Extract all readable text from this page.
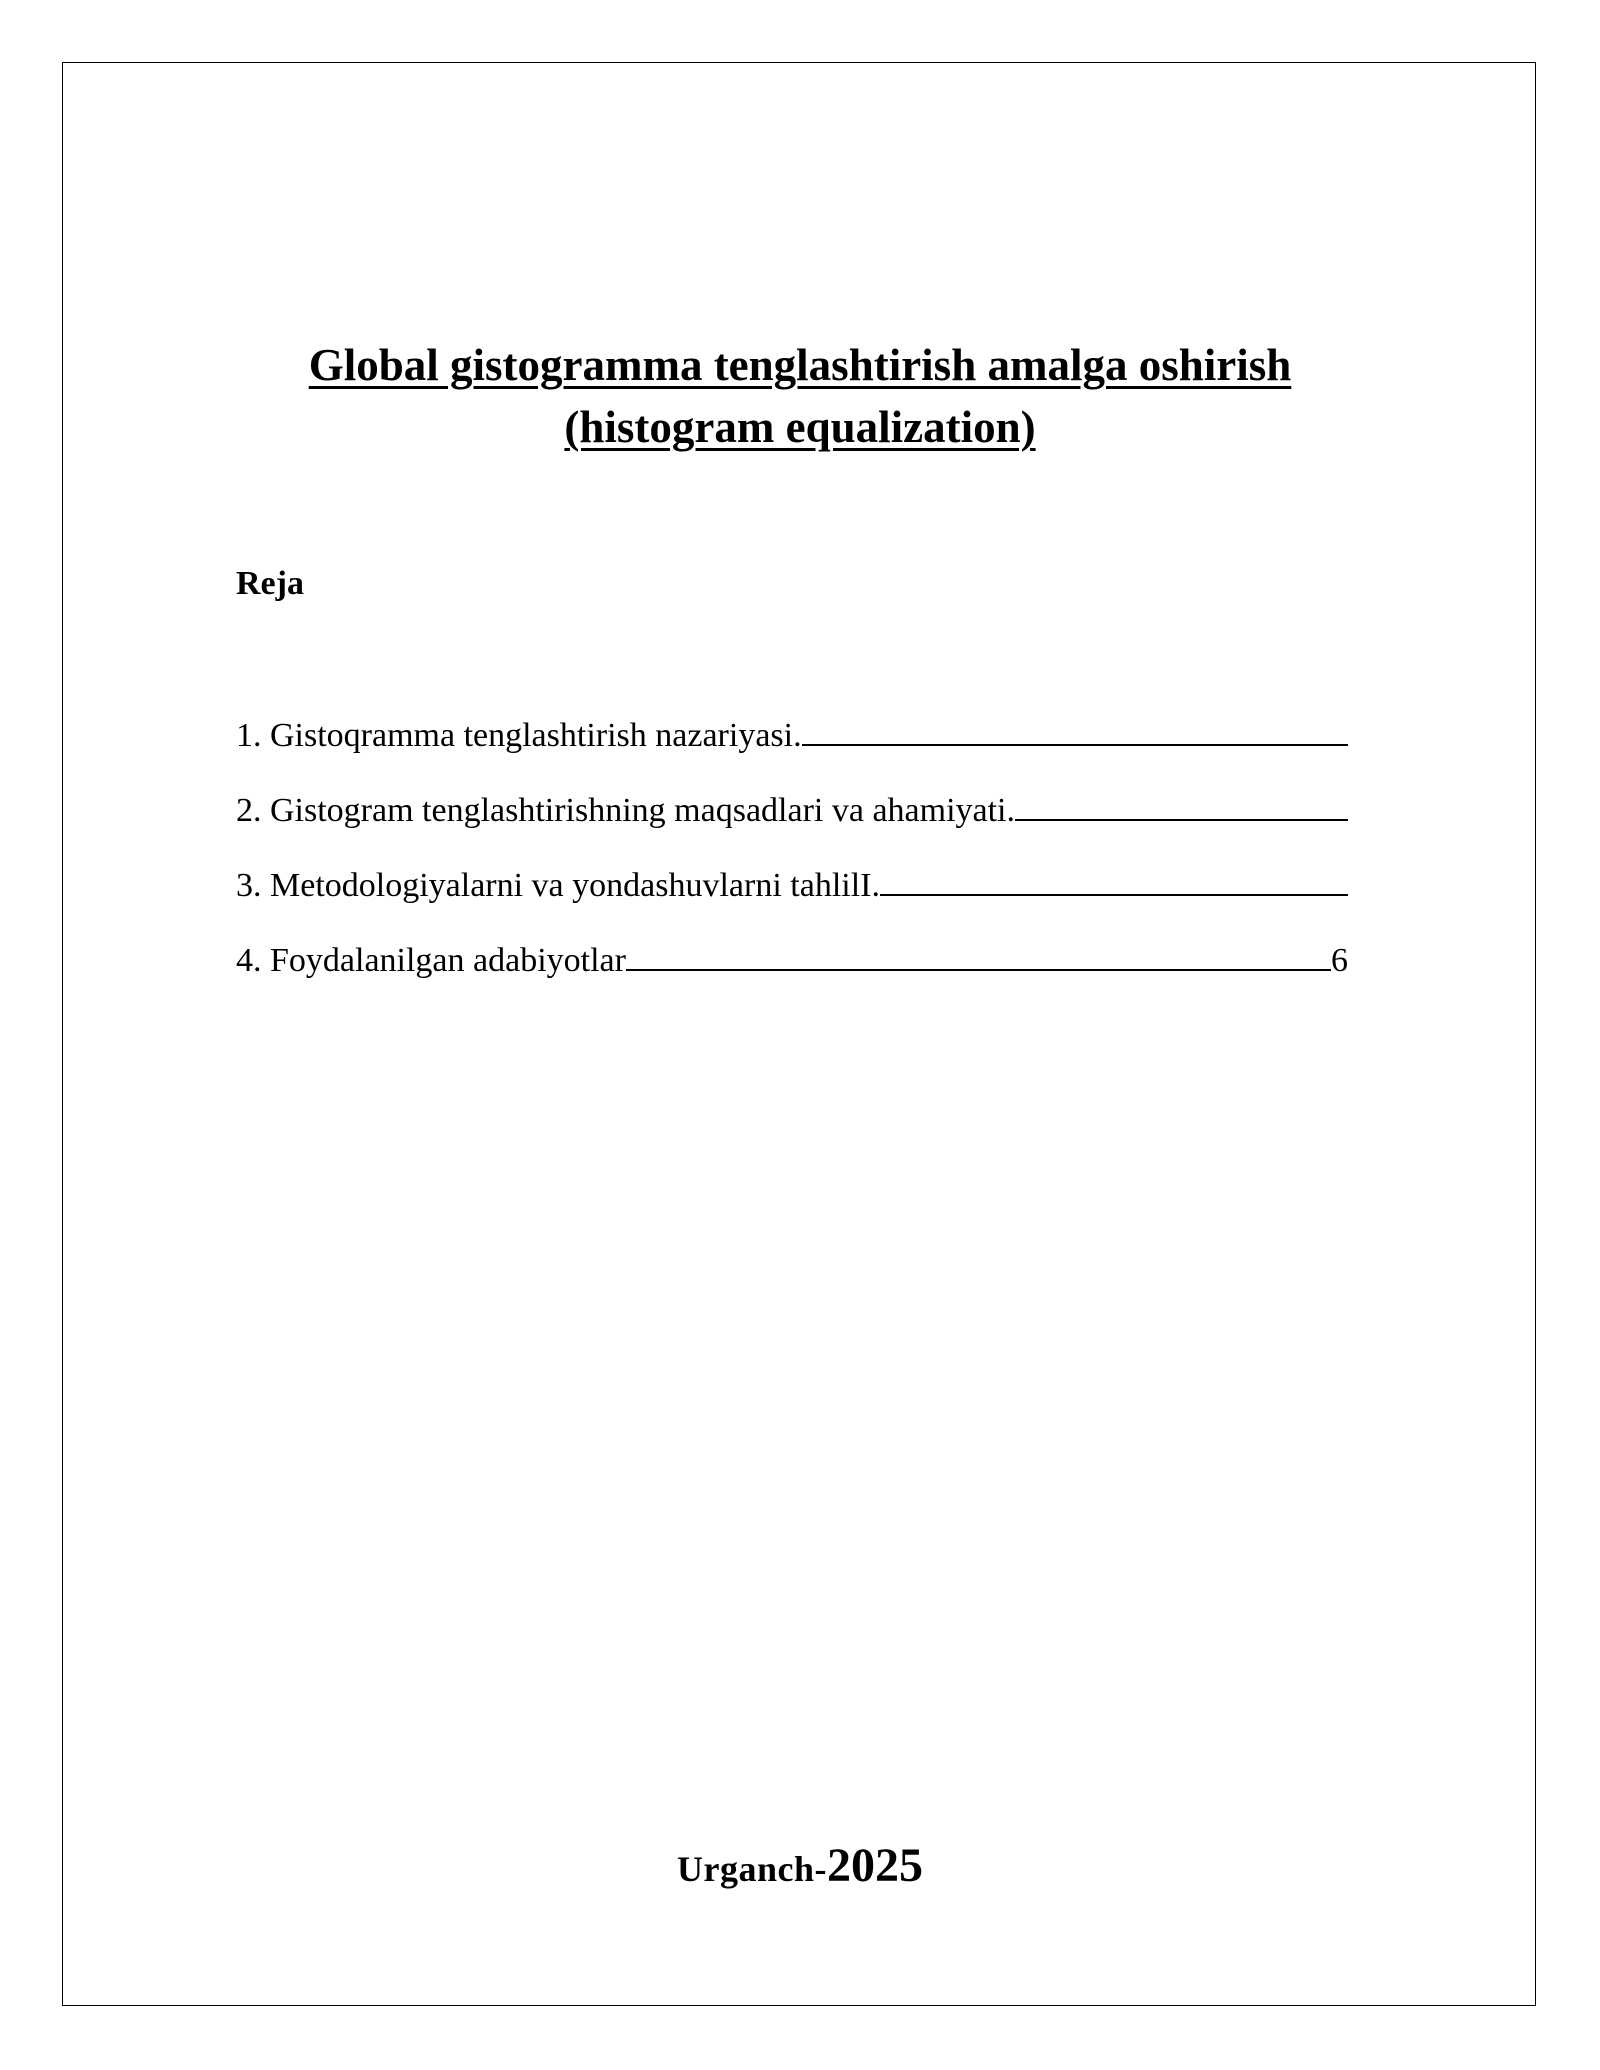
Global gistogramma tenglashtirish amalga oshirish
(histogram equalization)
Reja
1. Gistoqramma tenglashtirish nazariyasi.
2. Gistogram tenglashtirishning maqsadlari va ahamiyati.
3. Metodologiyalarni va yondashuvlarni tahlilI.
4. Foydalanilgan adabiyotlar	6
Urganch-2025
